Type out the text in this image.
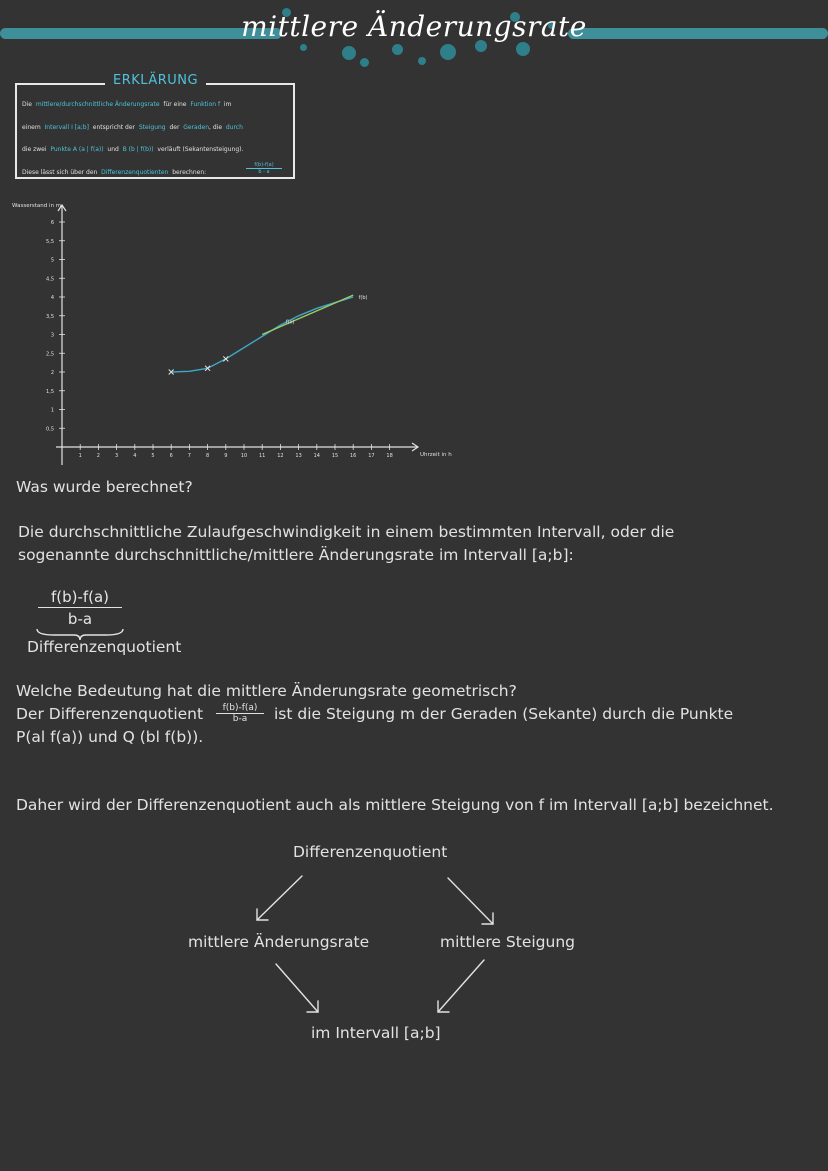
mittlere Änderungsrate
ERKLÄRUNG
Die mittlere/durchschnittliche Änderungsrate für eine Funktion f im
einem Intervall I [a;b] entspricht der Steigung der Geraden, die durch
die zwei Punkte A (a | f(a)) und B (b | f(b)) verläuft (Sekantensteigung).
Diese lässt sich über den Differenzenquotienten berechnen:
f(b)-f(a)
b - a
Wasserstand in m
Uhrzeit in h
6
5,5
5
4,5
4
3,5
3
2,5
2
1,5
1
0,5
1	2	3	4	5	6	7	8	9	10 11 12 13 14 15 16 17 18
f(x)
f(b)
Was wurde berechnet?
Die durchschnittliche Zulaufgeschwindigkeit in einem bestimmten Intervall, oder die
sogenannte durchschnittliche/mittlere Änderungsrate im Intervall [a;b]:
$\frac{f(b)-f(a)}{b-a}$
Differenzenquotient
Welche Bedeutung hat die mittlere Änderungsrate geometrisch?
Der Differenzenquotient	f(b)-f(a)
b-a	ist die Steigung m der Geraden (Sekante) durch die Punkte
P(al f(a)) und Q (bl f(b)).
Daher wird der Differenzenquotient auch als mittlere Steigung von f im Intervall [a;b] bezeichnet.
Differenzenquotient
mittlere Änderungsrate	mittlere Steigung
im Intervall [a;b]
